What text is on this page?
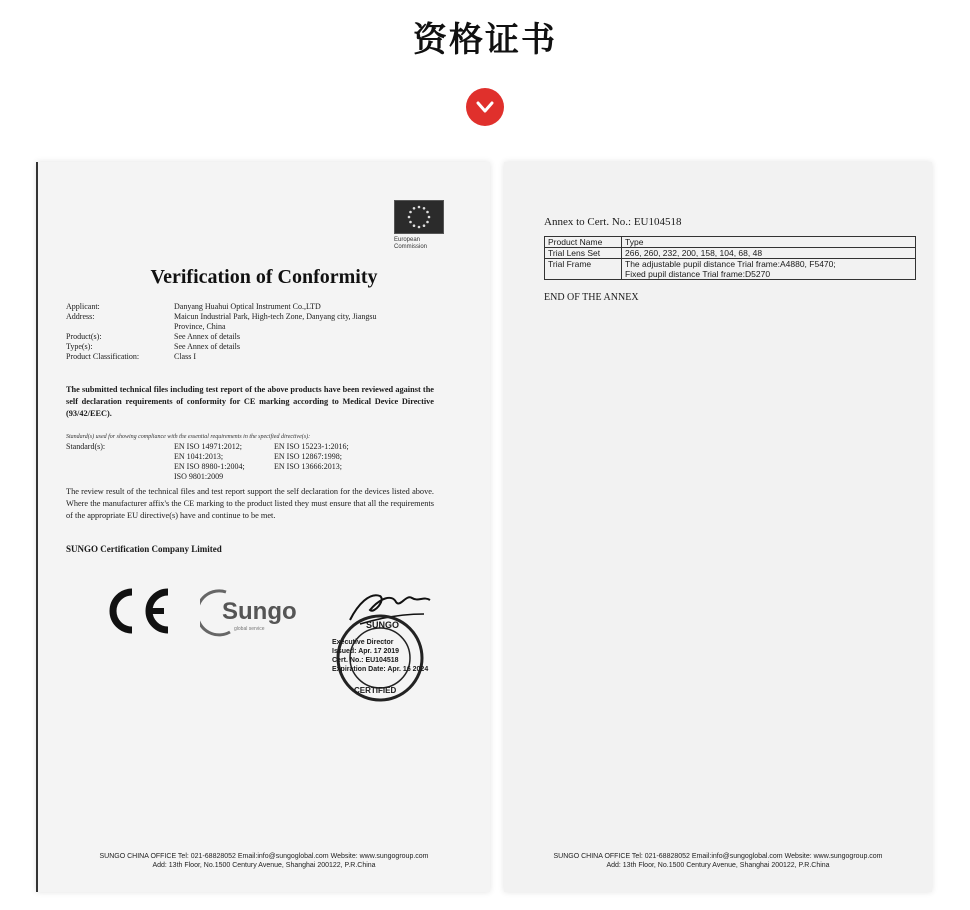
资格证书
European
Commission
Verification of Conformity
Applicant:	Danyang Huahui Optical Instrument Co.,LTD
Address:	Maicun Industrial Park, High-tech Zone, Danyang city, Jiangsu
Province, China
Product(s):	See Annex of details
Type(s):	See Annex of details
Product Classification:	Class I
The submitted technical files including test report of the above products have been reviewed against the self declaration requirements of conformity for CE marking according to Medical Device Directive (93/42/EEC).
Standard(s) used for showing compliance with the essential requirements in the specified directive(s):
Standard(s):	EN ISO 14971:2012;	EN ISO 15223-1:2016;
EN 1041:2013;	EN ISO 12867:1998;
EN ISO 8980-1:2004;	EN ISO 13666:2013;
ISO 9801:2009
The review result of the technical files and test report support the self declaration for the devices listed above. Where the manufacturer affix's the CE marking to the product listed they must ensure that all the requirements of the appropriate EU directive(s) have and continue to be met.
SUNGO Certification Company Limited
Sungo
global service	SUNGO
CERTIFIED
Executive Director
Issued: Apr. 17 2019
Cert. No.: EU104518
Expiration Date: Apr. 16 2024
SUNGO CHINA OFFICE Tel: 021-68828052 Email:info@sungoglobal.com Website: www.sungogroup.com
Add: 13th Floor, No.1500 Century Avenue, Shanghai 200122, P.R.China
Annex to Cert. No.: EU104518
Product Name	Type
Trial Lens Set	266, 260, 232, 200, 158, 104, 68, 48
Trial Frame	The adjustable pupil distance Trial frame:A4880, F5470;
	Fixed pupil distance Trial frame:D5270
END OF THE ANNEX
SUNGO CHINA OFFICE Tel: 021-68828052 Email:info@sungoglobal.com Website: www.sungogroup.com
Add: 13th Floor, No.1500 Century Avenue, Shanghai 200122, P.R.China
